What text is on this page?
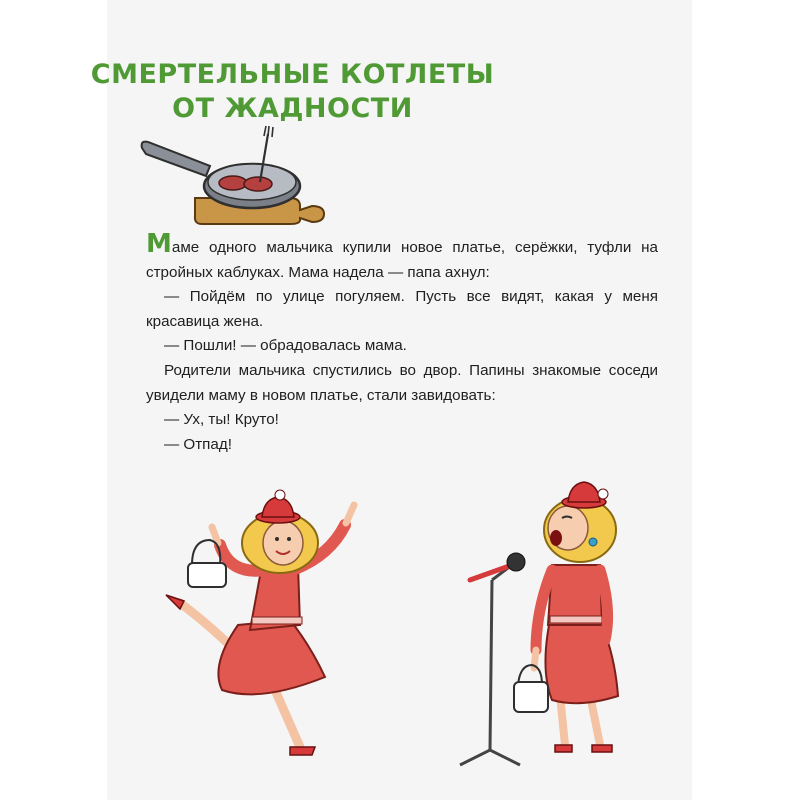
СМЕРТЕЛЬНЫЕ КОТЛЕТЫ
ОТ ЖАДНОСТИ

Маме одного мальчика купили новое платье, серёжки, туфли на стройных каблуках. Мама надела — папа ахнул:

— Пойдём по улице погуляем. Пусть все видят, какая у меня красавица жена.

— Пошли! — обрадовалась мама.

Родители мальчика спустились во двор. Папины знакомые соседи увидели маму в новом платье, стали завидовать:

— Ух, ты! Круто!

— Отпад!
